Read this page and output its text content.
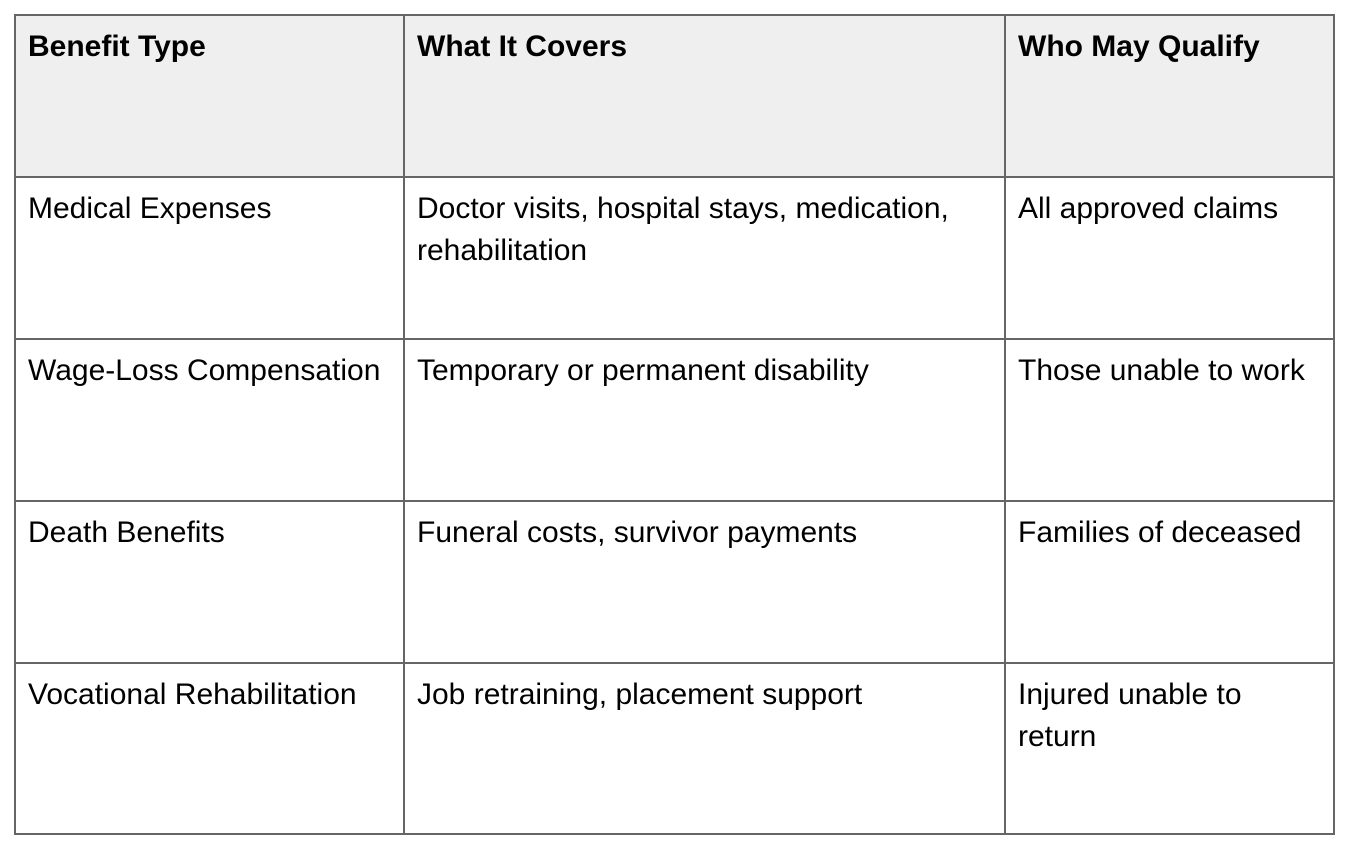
Benefit Type	What It Covers	Who May Qualify
Medical Expenses	Doctor visits, hospital stays, medication, rehabilitation	All approved claims
Wage-Loss Compensation	Temporary or permanent disability	Those unable to work
Death Benefits	Funeral costs, survivor payments	Families of deceased
Vocational Rehabilitation	Job retraining, placement support	Injured unable to return
